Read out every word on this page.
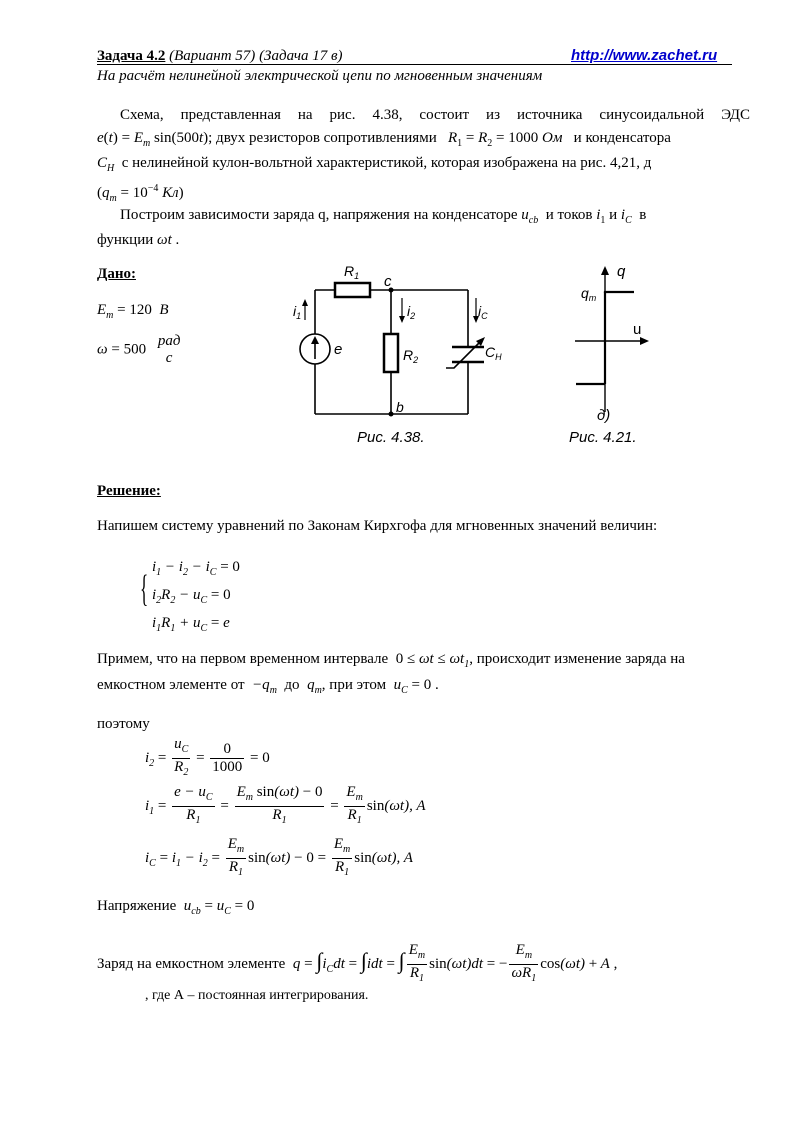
Задача 4.2 (Вариант 57) (Задача 17 в)	http://www.zachet.ru
На расчёт нелинейной электрической цепи по мгновенным значениям
Схема, представленная на рис. 4.38, состоит из источника синусоидальной ЭДС
$e(t) = E_m$ sin(500t); двух резисторов сопротивлениями $R_1 = R_2 = 1000$ Ом и конденсатора
$C_H$ с нелинейной кулон-вольтной характеристикой, которая изображена на рис. 4,21, д
($q_m = 10^{-4}$ Кл)
Построим зависимости заряда q, напряжения на конденсаторе $u_{cb}$ и токов $i_1$ и $i_C$ в
функции ωt .
Дано:
$E_m = 120$ В
ω = 500
рад
с
$R_1$ c
$i_1$	$i_2$	$i_C$
e	$R_2$	$C_H$
b
Рис. 4.38.
q
u
$q_m$
д)
Рис. 4.21.
Решение:
Напишем систему уравнений по Законам Кирхгофа для мгновенных значений величин:
{
$i_1 - i_2 - i_C = 0$
$i_2R_2 - u_C = 0$
$i_1R_1 + u_C = e$
Примем, что на первом временном интервале $0 \le \omega t \le \omega t_1$, происходит изменение заряда на
емкостном элементе от $-q_m$ до $q_m$, при этом $u_C = 0$ .
поэтому
$i_2 = \frac{u_C}{R_2} = \frac{0}{1000} = 0$
$i_1 = \frac{e - u_C}{R_1} = \frac{E_m \sin(\omega t) - 0}{R_1} = \frac{E_m}{R_1} \sin(\omega t)$, A
$i_C = i_1 - i_2 = \frac{E_m}{R_1} \sin(\omega t) - 0 = \frac{E_m}{R_1} \sin(\omega t)$, A
Напряжение $u_{cb} = u_C = 0$
Заряд на емкостном элементе $q = \int i_Cdt = \int idt$ = ∫ $\frac{E_m}{R_1} \sin(\omega t)dt$ = − $\frac{E_m}{\omega R_1} \cos(\omega t) + A$ ,
, где А – постоянная интегрирования.
